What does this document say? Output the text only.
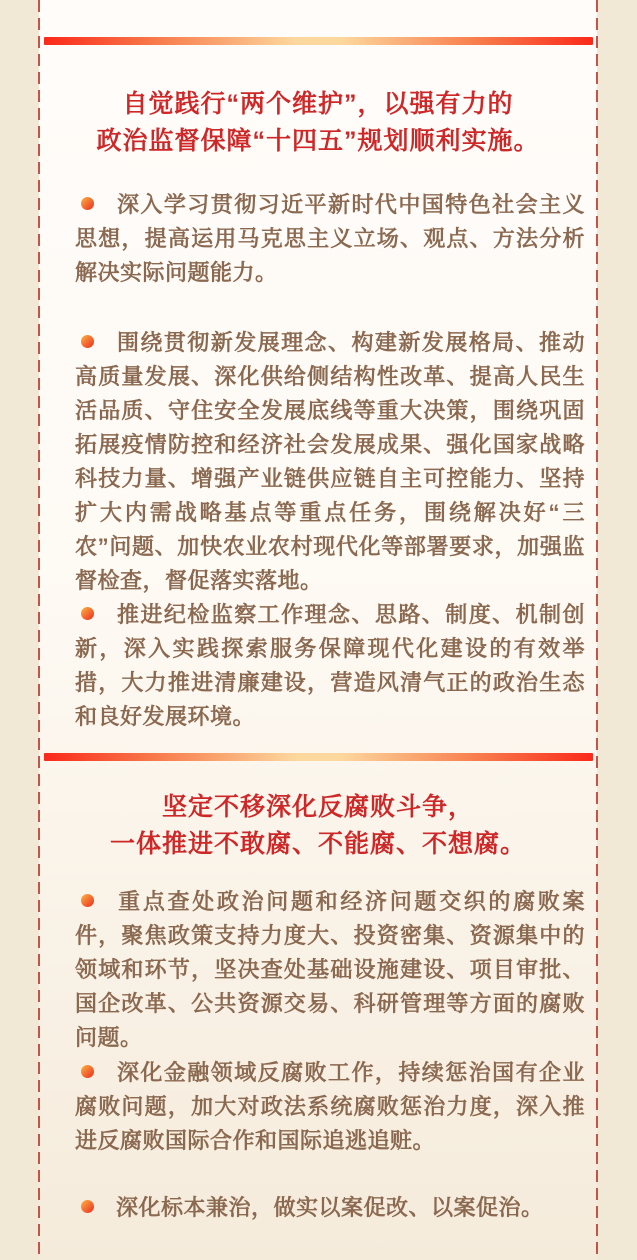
自觉践行“两个维护”，以强有力的
政治监督保障“十四五”规划顺利实施。

深入学习贯彻习近平新时代中国特色社会主义思想，提高运用马克思主义立场、观点、方法分析解决实际问题能力。

围绕贯彻新发展理念、构建新发展格局、推动高质量发展、深化供给侧结构性改革、提高人民生活品质、守住安全发展底线等重大决策，围绕巩固拓展疫情防控和经济社会发展成果、强化国家战略科技力量、增强产业链供应链自主可控能力、坚持扩大内需战略基点等重点任务，围绕解决好“三农”问题、加快农业农村现代化等部署要求，加强监督检查，督促落实落地。

推进纪检监察工作理念、思路、制度、机制创新，深入实践探索服务保障现代化建设的有效举措，大力推进清廉建设，营造风清气正的政治生态和良好发展环境。

坚定不移深化反腐败斗争，
一体推进不敢腐、不能腐、不想腐。

重点查处政治问题和经济问题交织的腐败案件，聚焦政策支持力度大、投资密集、资源集中的领域和环节，坚决查处基础设施建设、项目审批、国企改革、公共资源交易、科研管理等方面的腐败问题。

深化金融领域反腐败工作，持续惩治国有企业腐败问题，加大对政法系统腐败惩治力度，深入推进反腐败国际合作和国际追逃追赃。

深化标本兼治，做实以案促改、以案促治。
